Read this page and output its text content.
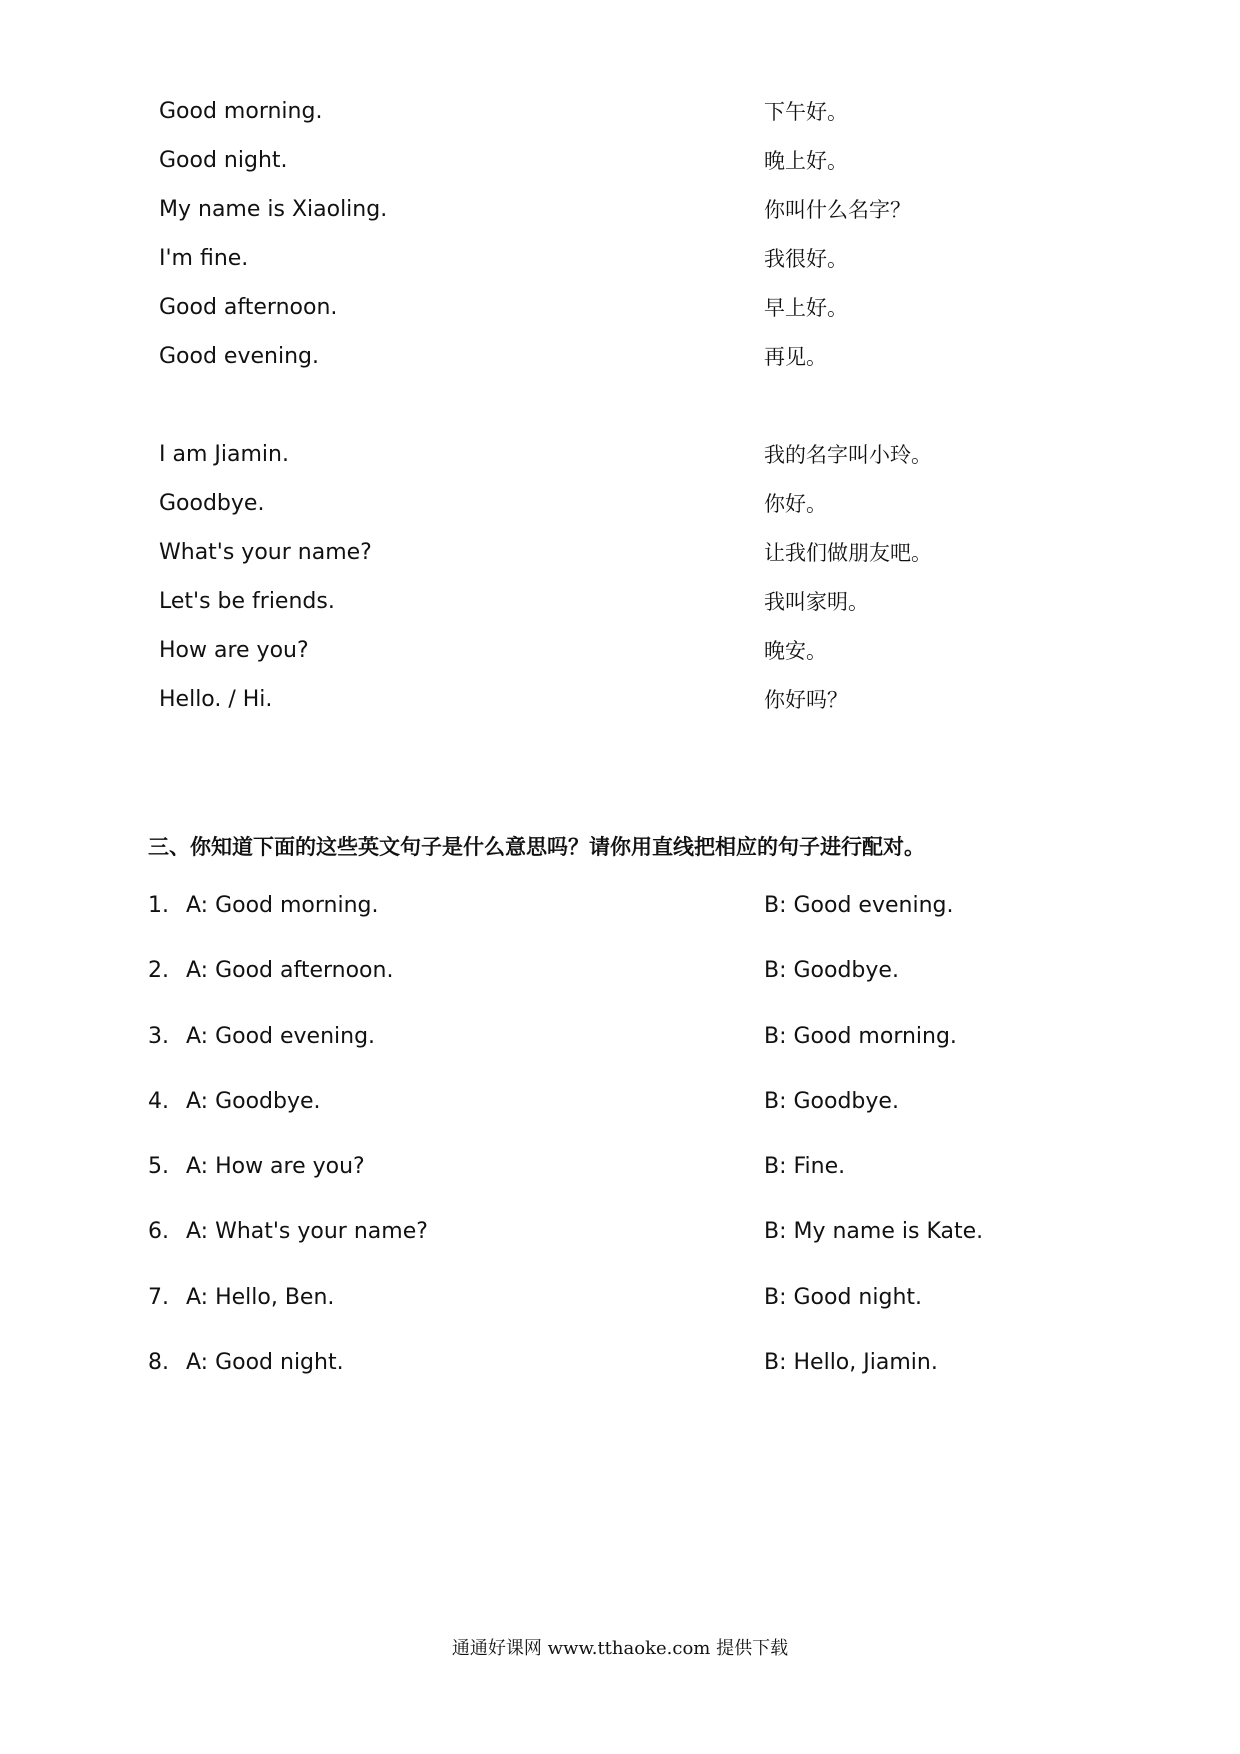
Good morning.	下午好。
Good night.	晚上好。
My name is Xiaoling.	你叫什么名字？
I'm fine.	我很好。
Good afternoon.	早上好。
Good evening.	再见。
I am Jiamin.	我的名字叫小玲。
Goodbye.	你好。
What's your name?	让我们做朋友吧。
Let's be friends.	我叫家明。
How are you?	晚安。
Hello. / Hi.	你好吗？
三、你知道下面的这些英文句子是什么意思吗？请你用直线把相应的句子进行配对。
1. A: Good morning.	B: Good evening.
2. A: Good afternoon.	B: Goodbye.
3. A: Good evening.	B: Good morning.
4. A: Goodbye.	B: Goodbye.
5. A: How are you?	B: Fine.
6. A: What's your name?	B: My name is Kate.
7. A: Hello, Ben.	B: Good night.
8. A: Good night.	B: Hello, Jiamin.
通通好课网 www.tthaoke.com 提供下载
